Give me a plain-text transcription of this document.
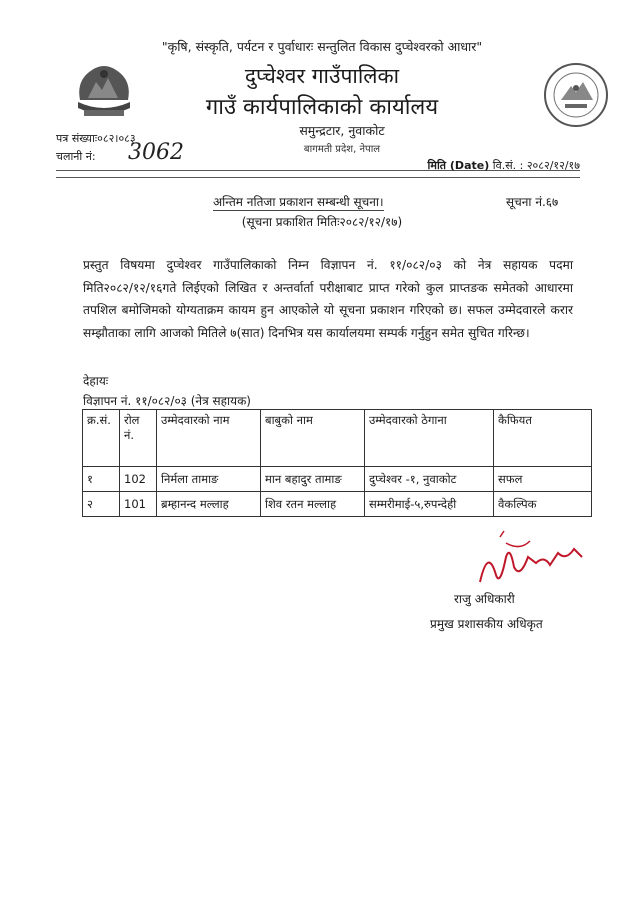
"कृषि, संस्कृति, पर्यटन र पुर्वाधारः सन्तुलित विकास दुप्चेश्वरको आधार"
दुप्चेश्वर गाउँपालिका
गाउँ कार्यपालिकाको कार्यालय
समुन्द्रटार, नुवाकोट
बागमती प्रदेश, नेपाल
पत्र संख्याः०८२।०८३
चलानी नं: 3062
मिति (Date) वि.सं. : २०८२/१२/१७
अन्तिम नतिजा प्रकाशन सम्बन्धी सूचना।	सूचना नं.६७
(सूचना प्रकाशित मितिः२०८२/१२/१७)
प्रस्तुत विषयमा दुप्चेश्वर गाउँपालिकाको निम्न विज्ञापन नं. ११/०८२/०३ को नेत्र सहायक पदमा मिति२०८२/१२/१६गते लिईएको लिखित र अन्तर्वार्ता परीक्षाबाट प्राप्त गरेको कुल प्राप्तङक समेतको आधारमा तपशिल बमोजिमको योग्यताक्रम कायम हुन आएकोले यो सूचना प्रकाशन गरिएको छ। सफल उम्मेदवारले करार सम्झौताका लागि आजको मितिले ७(सात) दिनभित्र यस कार्यालयमा सम्पर्क गर्नुहुन समेत सुचित गरिन्छ।
देहायः
विज्ञापन नं. ११/०८२/०३ (नेत्र सहायक)
क्र.सं.	रोल नं.	उम्मेदवारको नाम	बाबुको नाम	उम्मेदवारको ठेगाना	कैफियत
१	102	निर्मला तामाङ	मान बहादुर तामाङ	दुप्चेश्वर -१, नुवाकोट	सफल
२	101	ब्रम्हानन्द मल्लाह	शिव रतन मल्लाह	सम्मरीमाई-५,रुपन्देही	वैकल्पिक
राजु अधिकारी
प्रमुख प्रशासकीय अधिकृत
